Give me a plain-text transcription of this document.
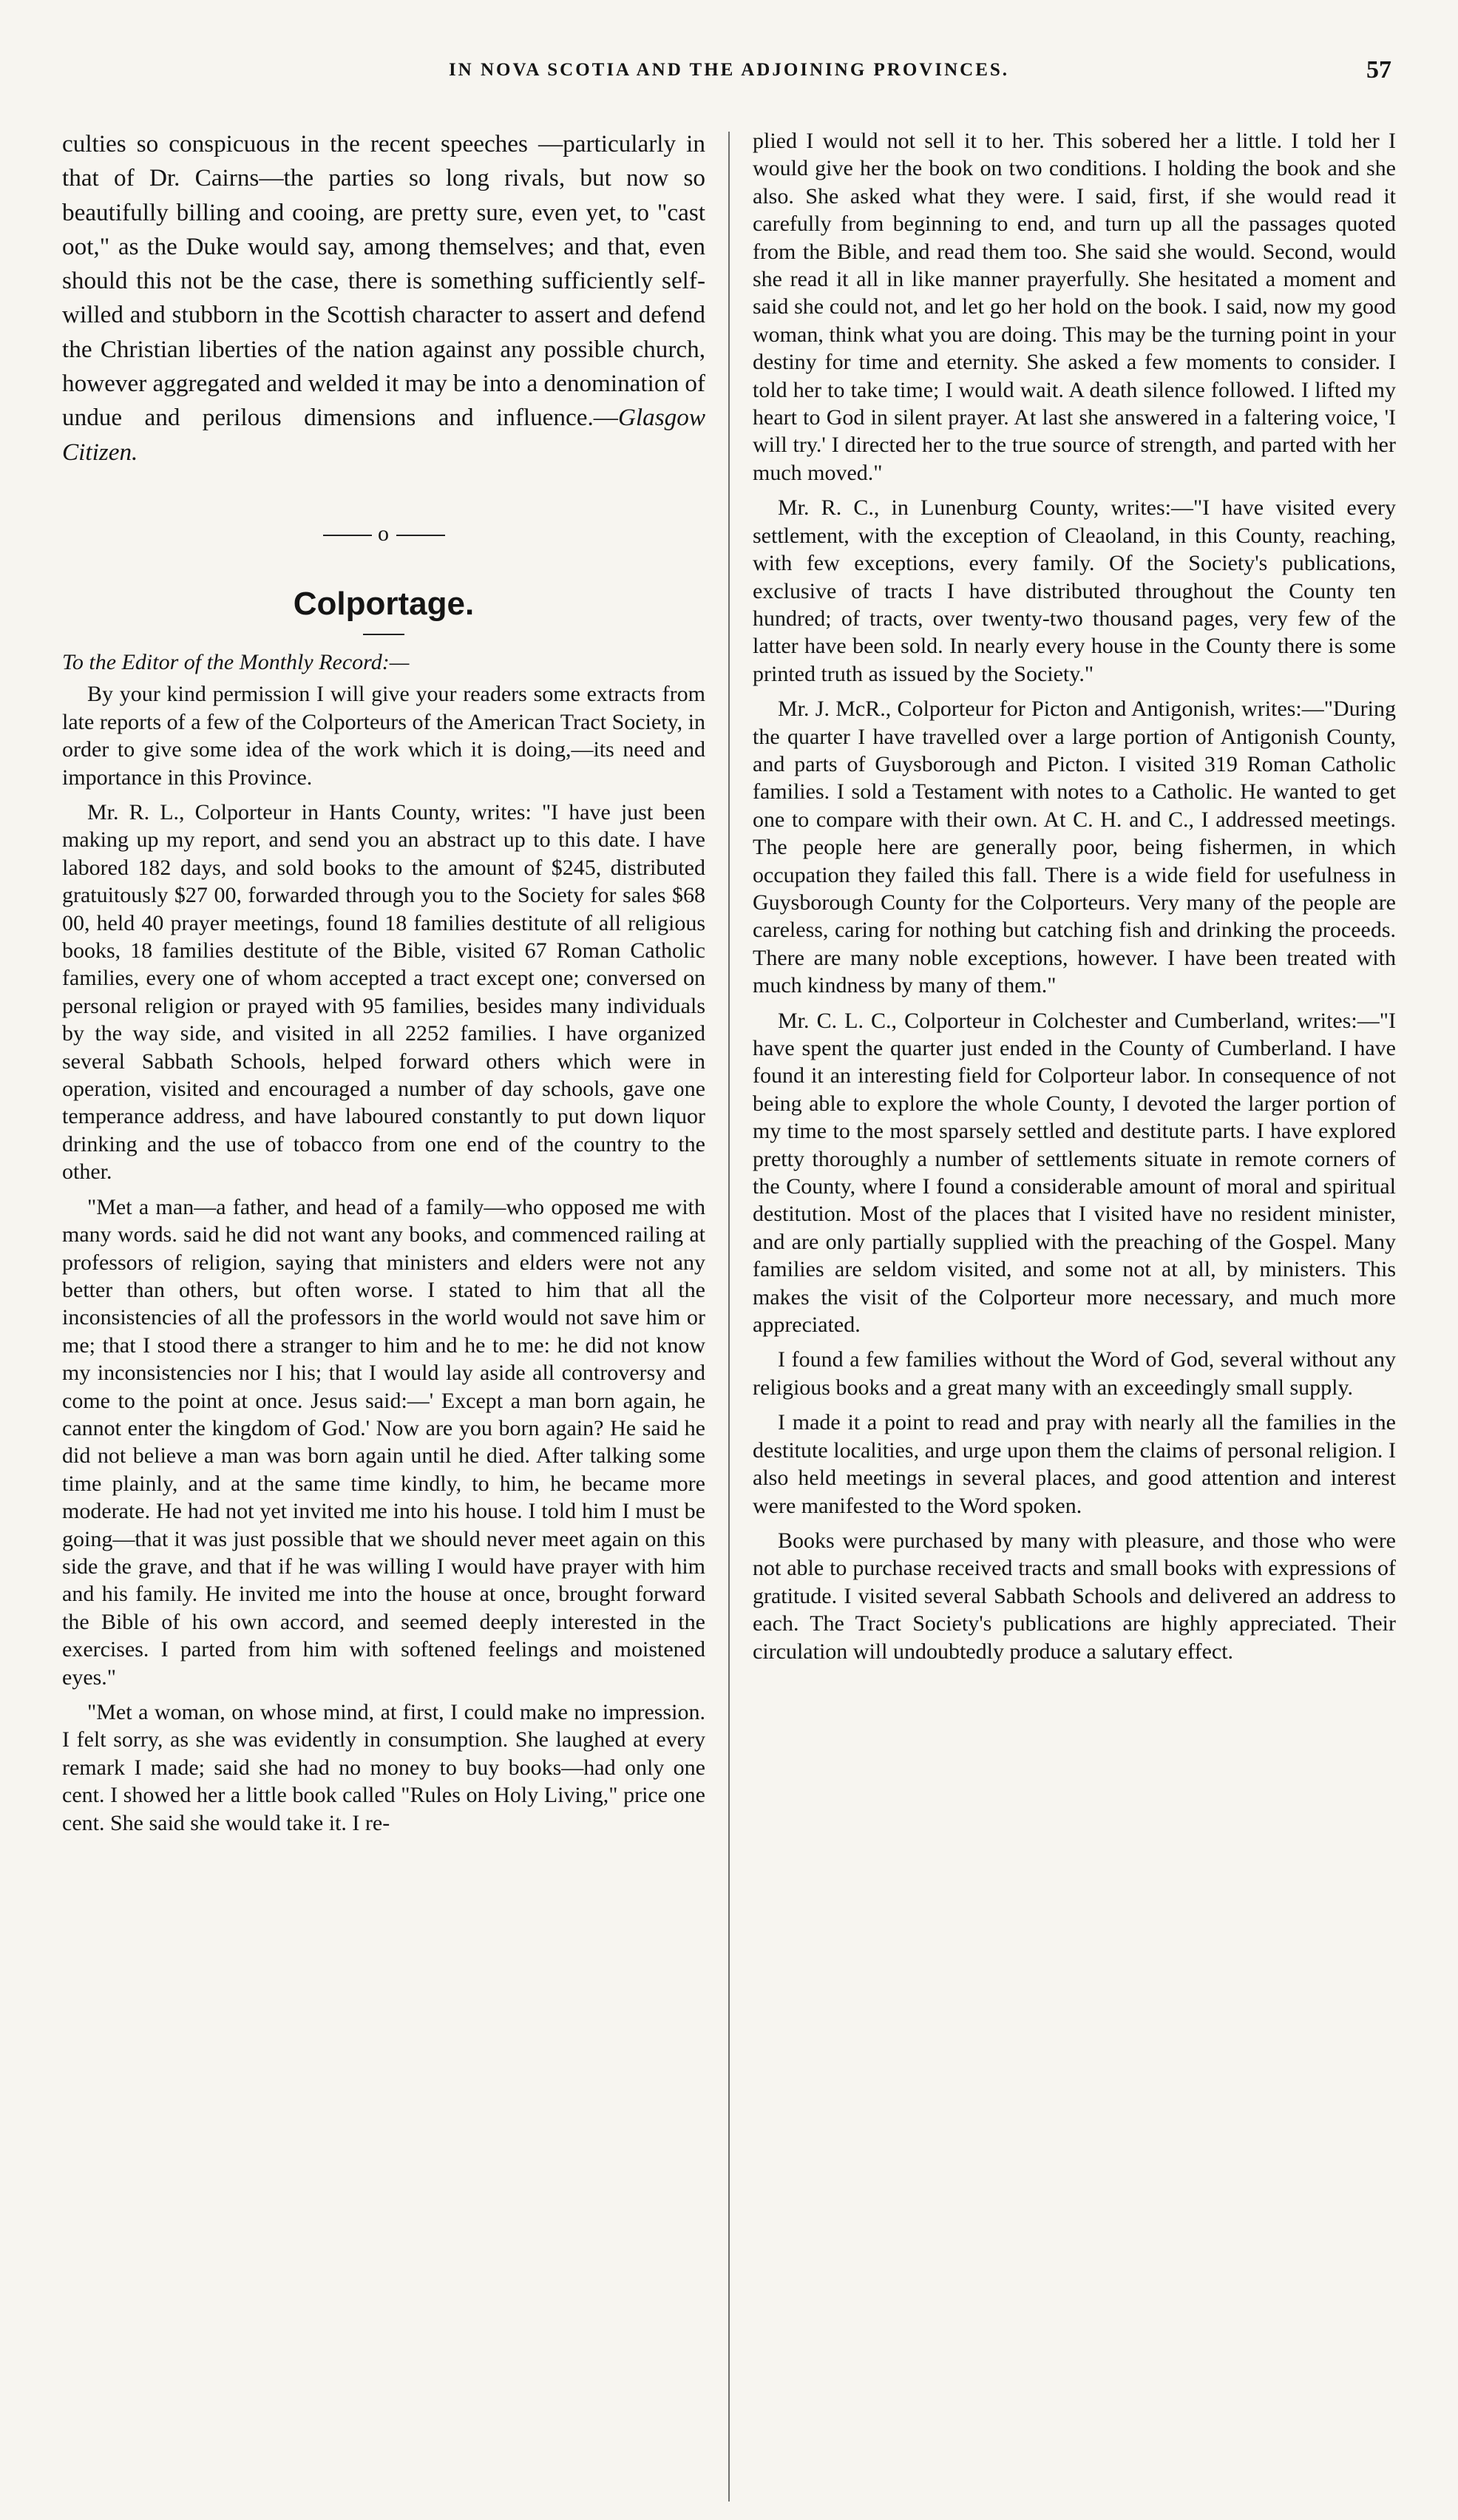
IN NOVA SCOTIA AND THE ADJOINING PROVINCES.	57

culties so conspicuous in the recent speeches —particularly in that of Dr. Cairns—the parties so long rivals, but now so beautifully billing and cooing, are pretty sure, even yet, to "cast oot," as the Duke would say, among themselves; and that, even should this not be the case, there is something sufficiently self-willed and stubborn in the Scottish character to assert and defend the Christian liberties of the nation against any possible church, however aggregated and welded it may be into a denomination of undue and perilous dimensions and influence.—Glasgow Citizen.

o
Colportage.

To the Editor of the Monthly Record:—

By your kind permission I will give your readers some extracts from late reports of a few of the Colporteurs of the American Tract Society, in order to give some idea of the work which it is doing,—its need and importance in this Province.

Mr. R. L., Colporteur in Hants County, writes: "I have just been making up my report, and send you an abstract up to this date. I have labored 182 days, and sold books to the amount of $245, distributed gratuitously $27 00, forwarded through you to the Society for sales $68 00, held 40 prayer meetings, found 18 families destitute of all religious books, 18 families destitute of the Bible, visited 67 Roman Catholic families, every one of whom accepted a tract except one; conversed on personal religion or prayed with 95 families, besides many individuals by the way side, and visited in all 2252 families. I have organized several Sabbath Schools, helped forward others which were in operation, visited and encouraged a number of day schools, gave one temperance address, and have laboured constantly to put down liquor drinking and the use of tobacco from one end of the country to the other.

"Met a man—a father, and head of a family—who opposed me with many words. said he did not want any books, and commenced railing at professors of religion, saying that ministers and elders were not any better than others, but often worse. I stated to him that all the inconsistencies of all the professors in the world would not save him or me; that I stood there a stranger to him and he to me: he did not know my inconsistencies nor I his; that I would lay aside all controversy and come to the point at once. Jesus said:—' Except a man born again, he cannot enter the kingdom of God.' Now are you born again? He said he did not believe a man was born again until he died. After talking some time plainly, and at the same time kindly, to him, he became more moderate. He had not yet invited me into his house. I told him I must be going—that it was just possible that we should never meet again on this side the grave, and that if he was willing I would have prayer with him and his family. He invited me into the house at once, brought forward the Bible of his own accord, and seemed deeply interested in the exercises. I parted from him with softened feelings and moistened eyes."

"Met a woman, on whose mind, at first, I could make no impression. I felt sorry, as she was evidently in consumption. She laughed at every remark I made; said she had no money to buy books—had only one cent. I showed her a little book called "Rules on Holy Living," price one cent. She said she would take it. I re-

plied I would not sell it to her. This sobered her a little. I told her I would give her the book on two conditions. I holding the book and she also. She asked what they were. I said, first, if she would read it carefully from beginning to end, and turn up all the passages quoted from the Bible, and read them too. She said she would. Second, would she read it all in like manner prayerfully. She hesitated a moment and said she could not, and let go her hold on the book. I said, now my good woman, think what you are doing. This may be the turning point in your destiny for time and eternity. She asked a few moments to consider. I told her to take time; I would wait. A death silence followed. I lifted my heart to God in silent prayer. At last she answered in a faltering voice, 'I will try.' I directed her to the true source of strength, and parted with her much moved."

Mr. R. C., in Lunenburg County, writes:—"I have visited every settlement, with the exception of Cleaoland, in this County, reaching, with few exceptions, every family. Of the Society's publications, exclusive of tracts I have distributed throughout the County ten hundred; of tracts, over twenty-two thousand pages, very few of the latter have been sold. In nearly every house in the County there is some printed truth as issued by the Society."

Mr. J. McR., Colporteur for Picton and Antigonish, writes:—"During the quarter I have travelled over a large portion of Antigonish County, and parts of Guysborough and Picton. I visited 319 Roman Catholic families. I sold a Testament with notes to a Catholic. He wanted to get one to compare with their own. At C. H. and C., I addressed meetings. The people here are generally poor, being fishermen, in which occupation they failed this fall. There is a wide field for usefulness in Guysborough County for the Colporteurs. Very many of the people are careless, caring for nothing but catching fish and drinking the proceeds. There are many noble exceptions, however. I have been treated with much kindness by many of them."

Mr. C. L. C., Colporteur in Colchester and Cumberland, writes:—"I have spent the quarter just ended in the County of Cumberland. I have found it an interesting field for Colporteur labor. In consequence of not being able to explore the whole County, I devoted the larger portion of my time to the most sparsely settled and destitute parts. I have explored pretty thoroughly a number of settlements situate in remote corners of the County, where I found a considerable amount of moral and spiritual destitution. Most of the places that I visited have no resident minister, and are only partially supplied with the preaching of the Gospel. Many families are seldom visited, and some not at all, by ministers. This makes the visit of the Colporteur more necessary, and much more appreciated.

I found a few families without the Word of God, several without any religious books and a great many with an exceedingly small supply.

I made it a point to read and pray with nearly all the families in the destitute localities, and urge upon them the claims of personal religion. I also held meetings in several places, and good attention and interest were manifested to the Word spoken.

Books were purchased by many with pleasure, and those who were not able to purchase received tracts and small books with expressions of gratitude. I visited several Sabbath Schools and delivered an address to each. The Tract Society's publications are highly appreciated. Their circulation will undoubtedly produce a salutary effect.
